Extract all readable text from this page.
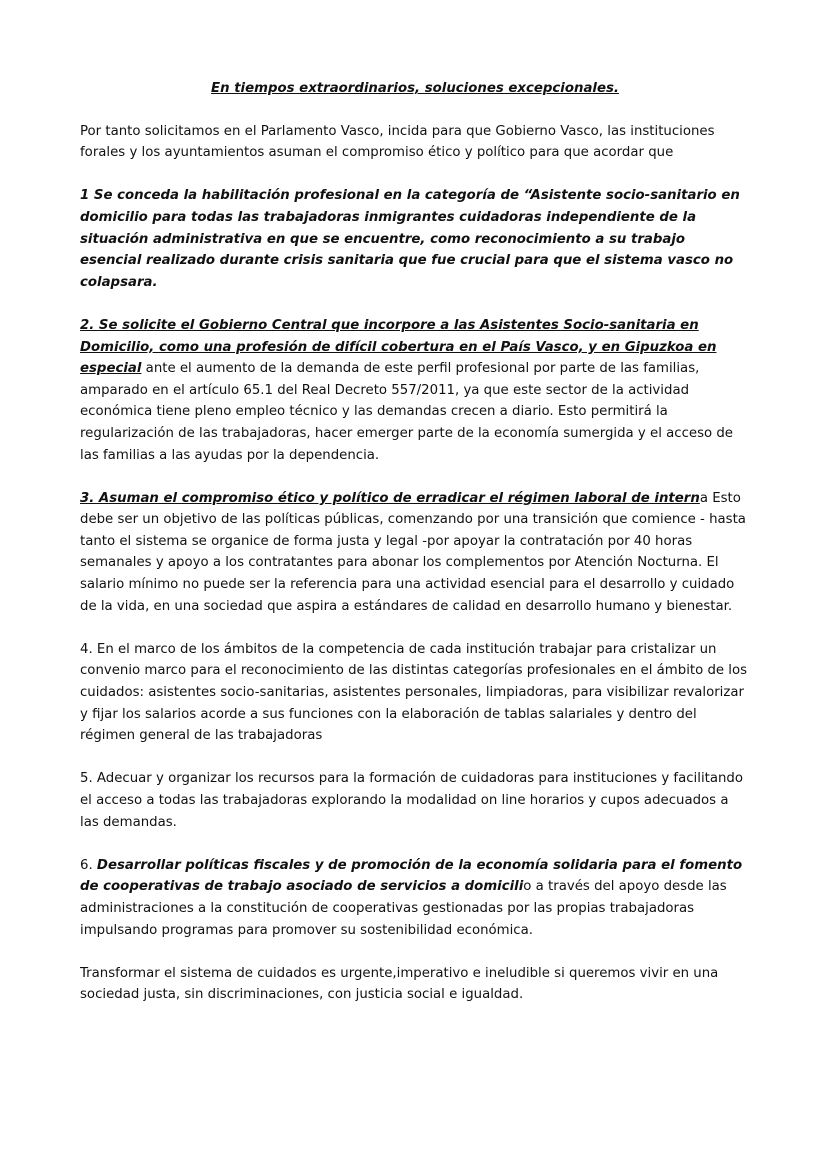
En tiempos extraordinarios, soluciones excepcionales.

Por tanto solicitamos en el Parlamento Vasco, incida para que Gobierno Vasco, las instituciones forales y los ayuntamientos asuman el compromiso ético y político para que acordar que

1 Se conceda la habilitación profesional en la categoría de “Asistente socio-sanitario en domicilio para todas las trabajadoras inmigrantes cuidadoras independiente de la situación administrativa en que se encuentre, como reconocimiento a su trabajo esencial realizado durante crisis sanitaria que fue crucial para que el sistema vasco no colapsara.

2. Se solicite el Gobierno Central que incorpore a las Asistentes Socio-sanitaria en Domicilio, como una profesión de difícil cobertura en el País Vasco, y en Gipuzkoa en especial ante el aumento de la demanda de este perfil profesional por parte de las familias, amparado en el artículo 65.1 del Real Decreto 557/2011, ya que este sector de la actividad económica tiene pleno empleo técnico y las demandas crecen a diario. Esto permitirá la regularización de las trabajadoras, hacer emerger parte de la economía sumergida y el acceso de las familias a las ayudas por la dependencia.

3. Asuman el compromiso ético y político de erradicar el régimen laboral de interna Esto debe ser un objetivo de las políticas públicas, comenzando por una transición que comience - hasta tanto el sistema se organice de forma justa y legal -por apoyar la contratación por 40 horas semanales y apoyo a los contratantes para abonar los complementos por Atención Nocturna. El salario mínimo no puede ser la referencia para una actividad esencial para el desarrollo y cuidado de la vida, en una sociedad que aspira a estándares de calidad en desarrollo humano y bienestar.

4. En el marco de los ámbitos de la competencia de cada institución trabajar para cristalizar un convenio marco para el reconocimiento de las distintas categorías profesionales en el ámbito de los cuidados: asistentes socio-sanitarias, asistentes personales, limpiadoras, para visibilizar revalorizar y fijar los salarios acorde a sus funciones con la elaboración de tablas salariales y dentro del régimen general de las trabajadoras

5. Adecuar y organizar los recursos para la formación de cuidadoras para instituciones y facilitando el acceso a todas las trabajadoras explorando la modalidad on line horarios y cupos adecuados a las demandas.

6. Desarrollar políticas fiscales y de promoción de la economía solidaria para el fomento de cooperativas de trabajo asociado de servicios a domicilio a través del apoyo desde las administraciones a la constitución de cooperativas gestionadas por las propias trabajadoras impulsando programas para promover su sostenibilidad económica.

Transformar el sistema de cuidados es urgente,imperativo e ineludible si queremos vivir en una sociedad justa, sin discriminaciones, con justicia social e igualdad.
